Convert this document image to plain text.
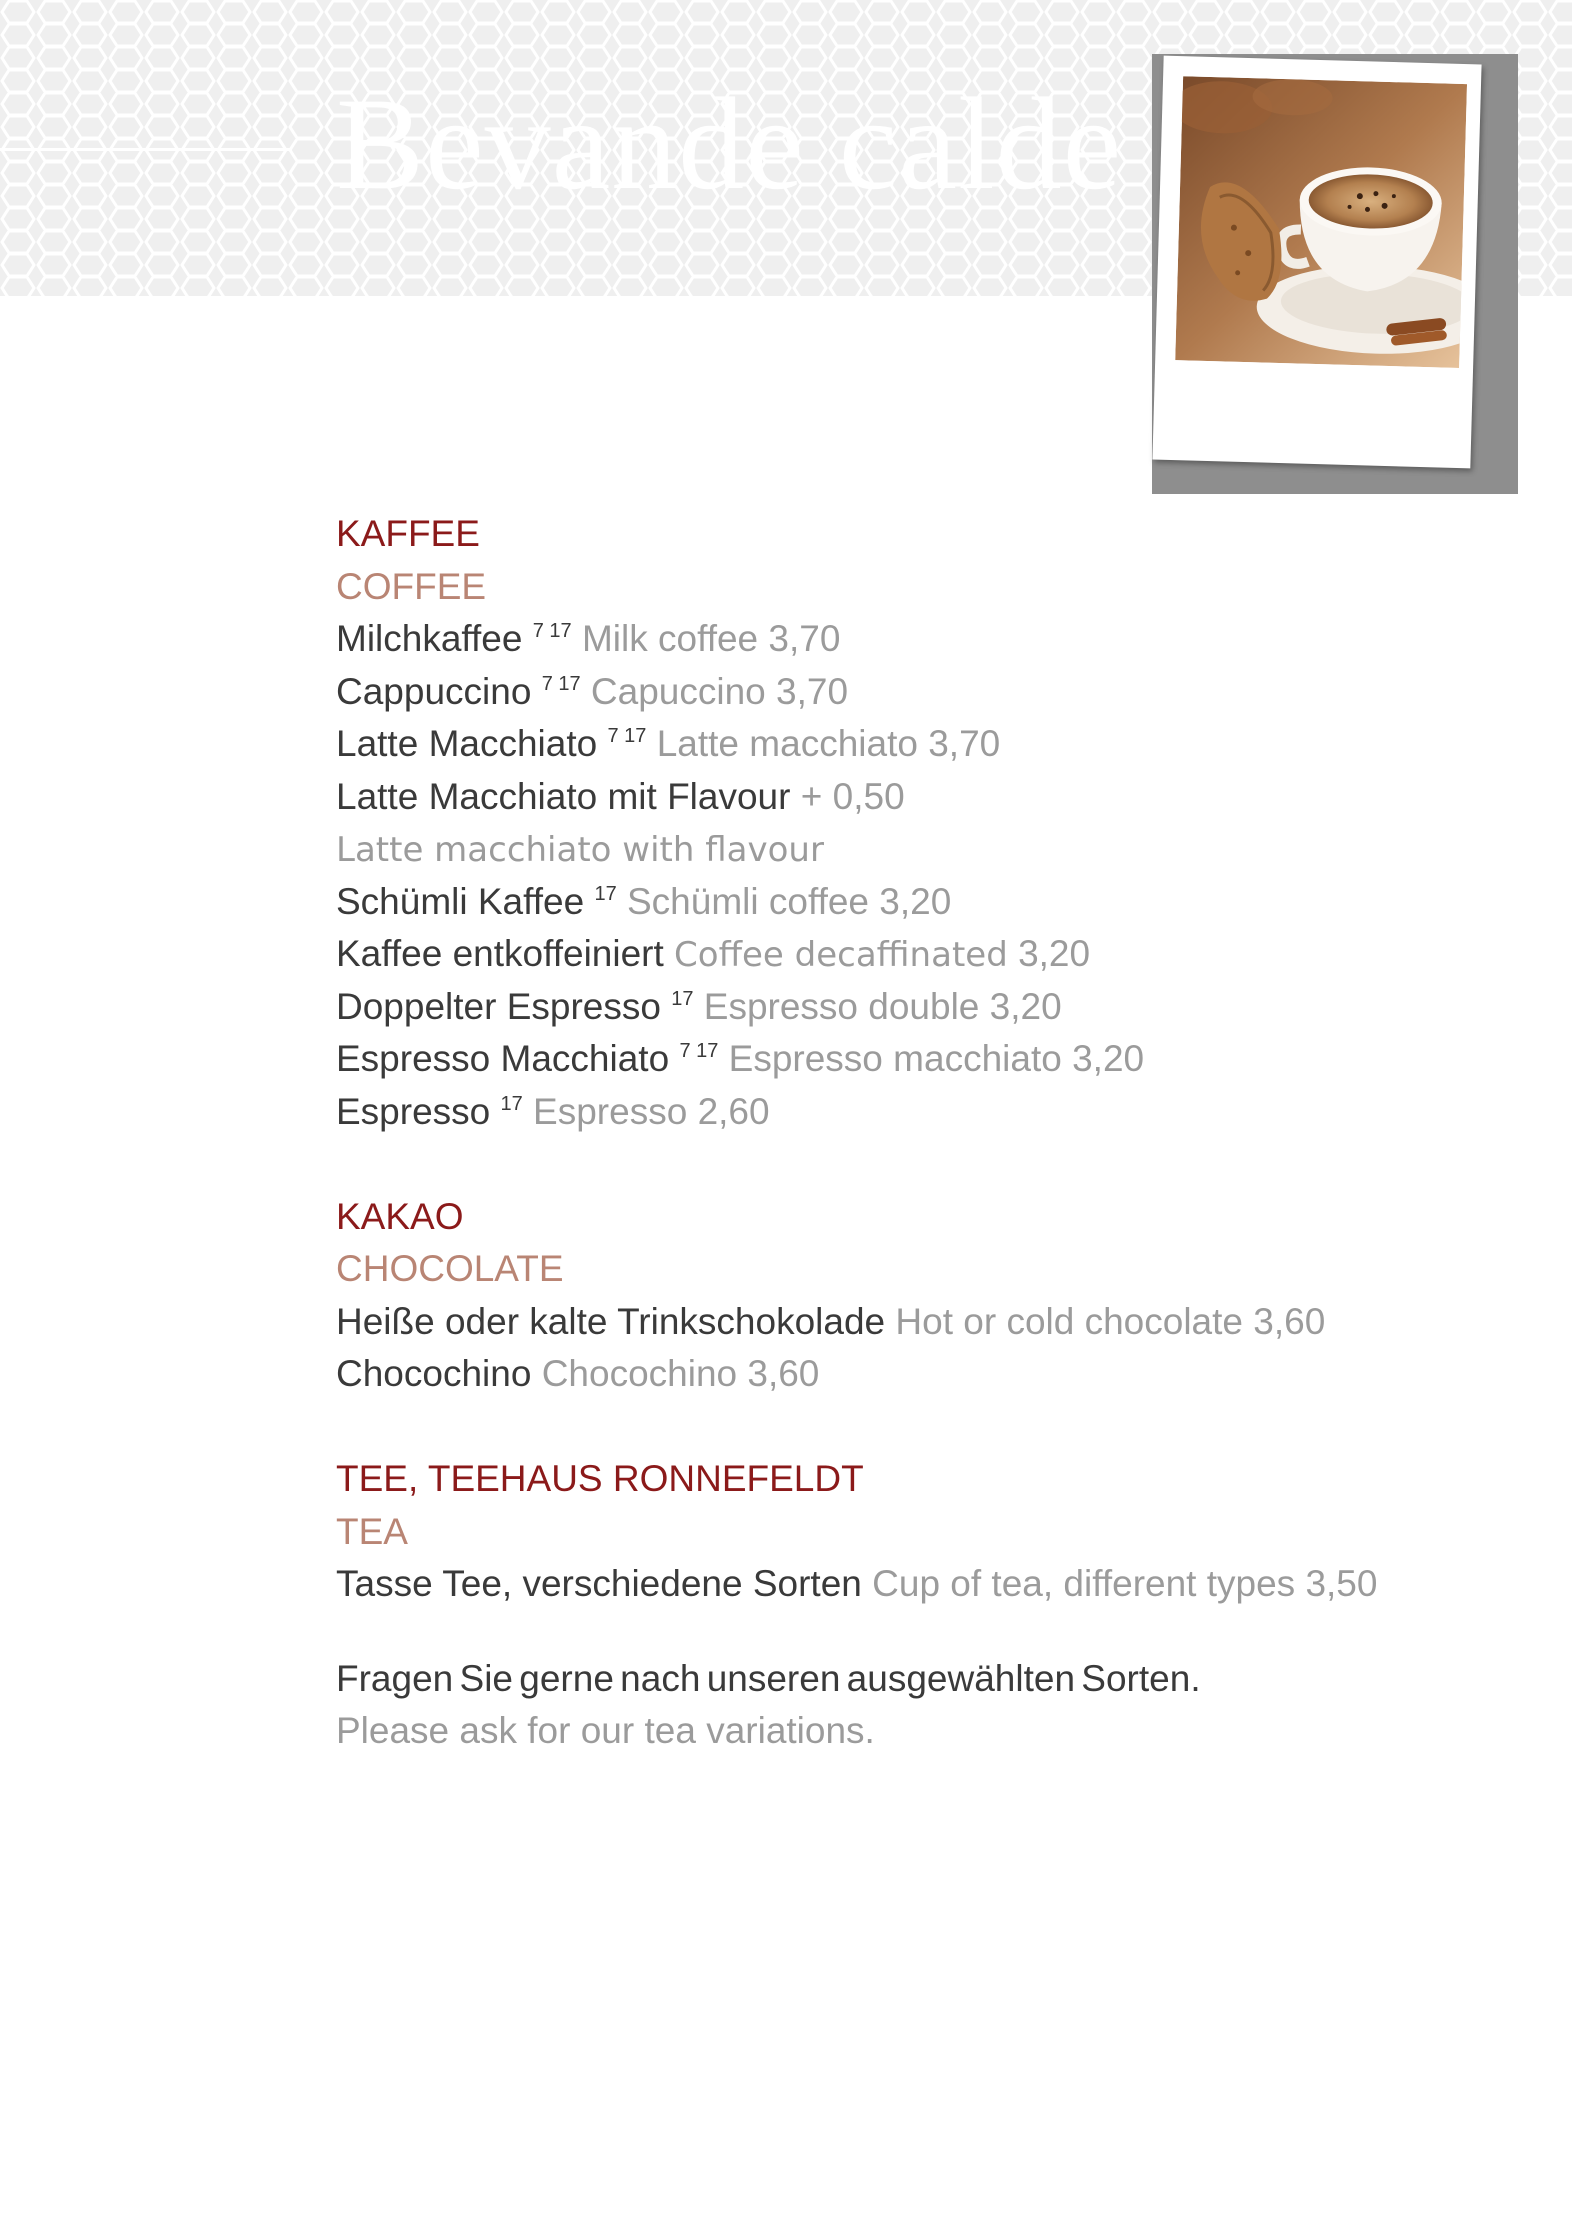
Bevande calde
KAFFEE
COFFEE
Milchkaffee $^{7 17}$ Milk coffee 3,70
Cappuccino $^{7 17}$ Capuccino 3,70
Latte Macchiato $^{7 17}$ Latte macchiato 3,70
Latte Macchiato mit Flavour + 0,50
Latte macchiato with flavour
Schümli Kaffee $^{17}$ Schümli coffee 3,20
Kaffee entkoffeiniert Coffee decaffinated 3,20
Doppelter Espresso $^{17}$ Espresso double 3,20
Espresso Macchiato $^{7 17}$ Espresso macchiato 3,20
Espresso $^{17}$ Espresso 2,60
KAKAO
CHOCOLATE
Heiße oder kalte Trinkschokolade Hot or cold chocolate 3,60
Chocochino Chocochino 3,60
TEE, TEEHAUS RONNEFELDT
TEA
Tasse Tee, verschiedene Sorten Cup of tea, different types 3,50
Fragen Sie gerne nach unseren ausgewählten Sorten.
Please ask for our tea variations.
